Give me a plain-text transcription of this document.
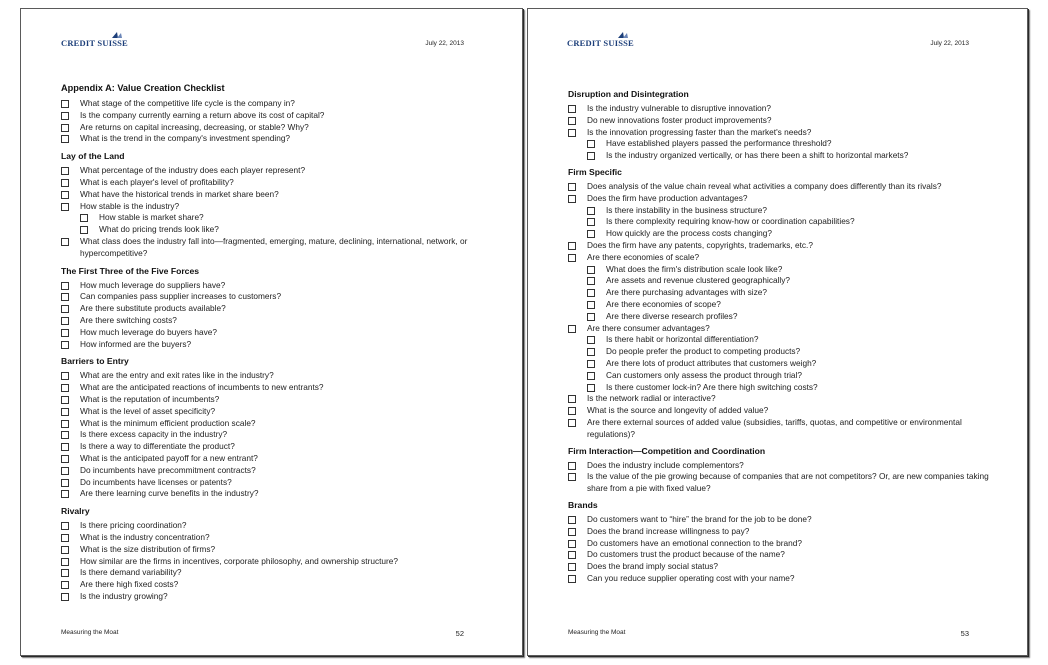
CREDIT SUISSE	July 22, 2013
Appendix A: Value Creation Checklist
What stage of the competitive life cycle is the company in?
Is the company currently earning a return above its cost of capital?
Are returns on capital increasing, decreasing, or stable? Why?
What is the trend in the company's investment spending?
Lay of the Land
What percentage of the industry does each player represent?
What is each player's level of profitability?
What have the historical trends in market share been?
How stable is the industry?
How stable is market share?
What do pricing trends look like?
What class does the industry fall into—fragmented, emerging, mature, declining, international, network, or hypercompetitive?
The First Three of the Five Forces
How much leverage do suppliers have?
Can companies pass supplier increases to customers?
Are there substitute products available?
Are there switching costs?
How much leverage do buyers have?
How informed are the buyers?
Barriers to Entry
What are the entry and exit rates like in the industry?
What are the anticipated reactions of incumbents to new entrants?
What is the reputation of incumbents?
What is the level of asset specificity?
What is the minimum efficient production scale?
Is there excess capacity in the industry?
Is there a way to differentiate the product?
What is the anticipated payoff for a new entrant?
Do incumbents have precommitment contracts?
Do incumbents have licenses or patents?
Are there learning curve benefits in the industry?
Rivalry
Is there pricing coordination?
What is the industry concentration?
What is the size distribution of firms?
How similar are the firms in incentives, corporate philosophy, and ownership structure?
Is there demand variability?
Are there high fixed costs?
Is the industry growing?
Measuring the Moat	52
CREDIT SUISSE	July 22, 2013
Disruption and Disintegration
Is the industry vulnerable to disruptive innovation?
Do new innovations foster product improvements?
Is the innovation progressing faster than the market's needs?
Have established players passed the performance threshold?
Is the industry organized vertically, or has there been a shift to horizontal markets?
Firm Specific
Does analysis of the value chain reveal what activities a company does differently than its rivals?
Does the firm have production advantages?
Is there instability in the business structure?
Is there complexity requiring know-how or coordination capabilities?
How quickly are the process costs changing?
Does the firm have any patents, copyrights, trademarks, etc.?
Are there economies of scale?
What does the firm's distribution scale look like?
Are assets and revenue clustered geographically?
Are there purchasing advantages with size?
Are there economies of scope?
Are there diverse research profiles?
Are there consumer advantages?
Is there habit or horizontal differentiation?
Do people prefer the product to competing products?
Are there lots of product attributes that customers weigh?
Can customers only assess the product through trial?
Is there customer lock-in? Are there high switching costs?
Is the network radial or interactive?
What is the source and longevity of added value?
Are there external sources of added value (subsidies, tariffs, quotas, and competitive or environmental regulations)?
Firm Interaction—Competition and Coordination
Does the industry include complementors?
Is the value of the pie growing because of companies that are not competitors? Or, are new companies taking share from a pie with fixed value?
Brands
Do customers want to “hire” the brand for the job to be done?
Does the brand increase willingness to pay?
Do customers have an emotional connection to the brand?
Do customers trust the product because of the name?
Does the brand imply social status?
Can you reduce supplier operating cost with your name?
Measuring the Moat	53
